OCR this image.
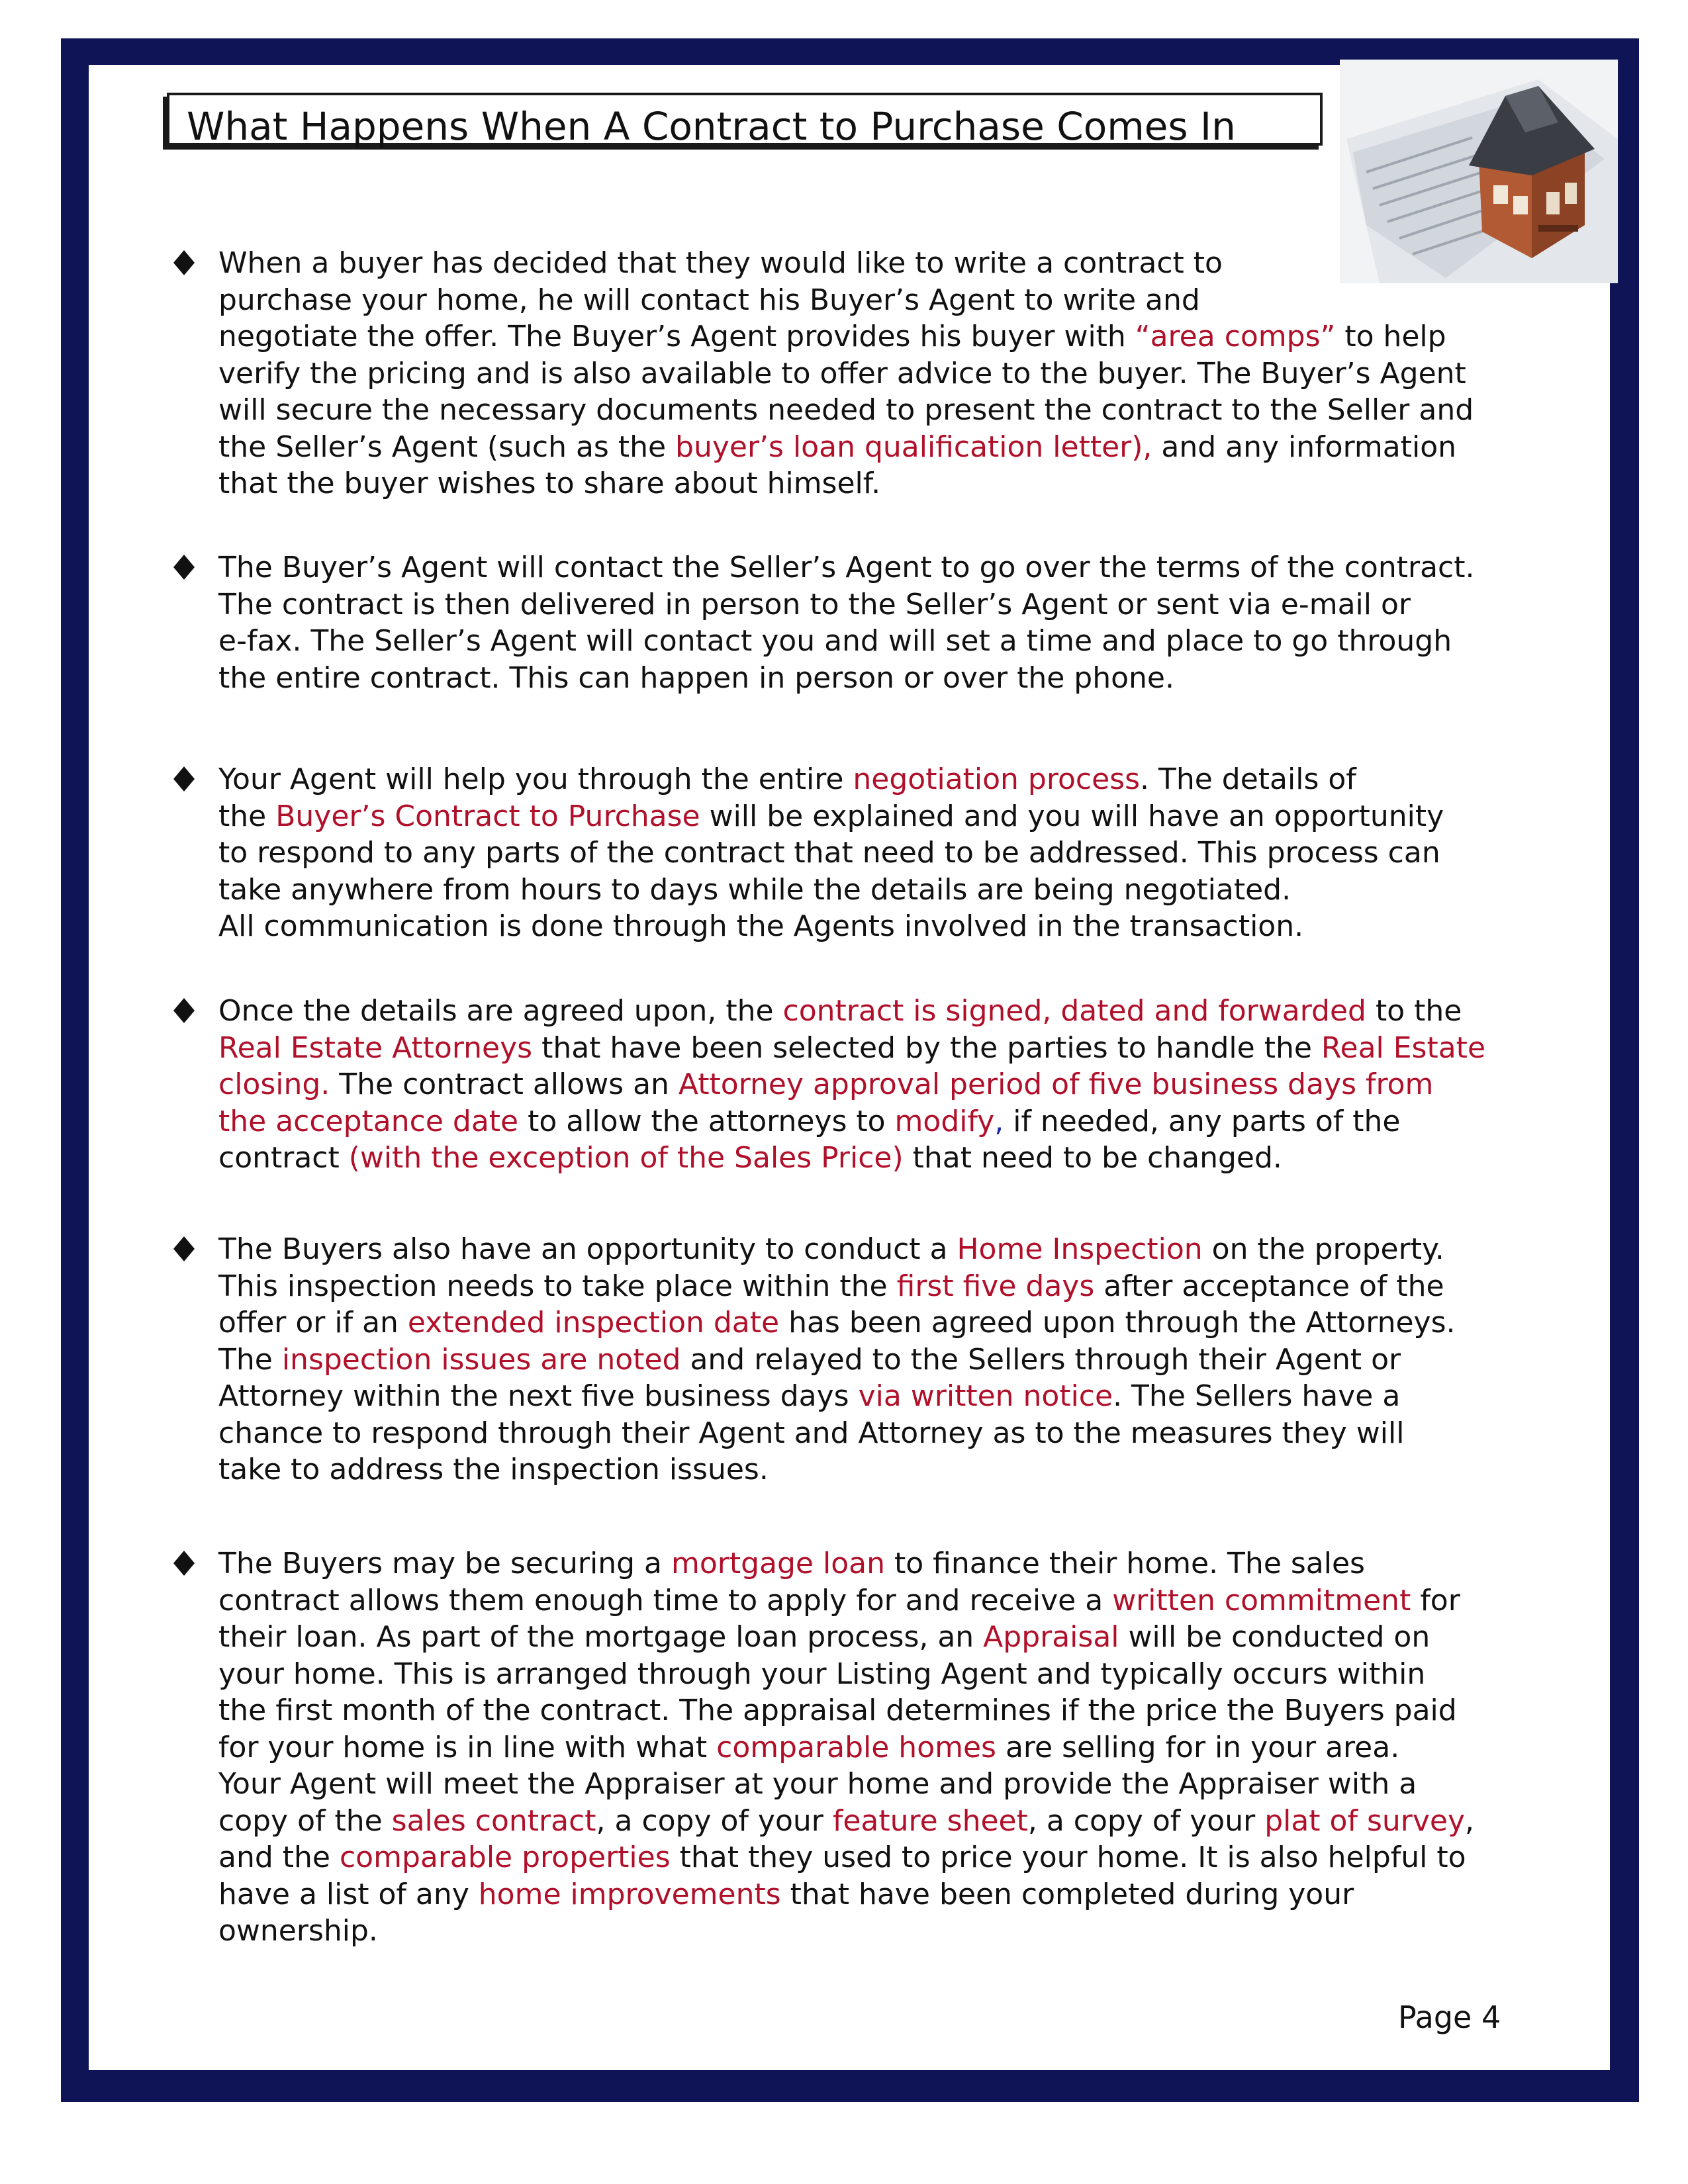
What Happens When A Contract to Purchase Comes In

When a buyer has decided that they would like to write a contract to
purchase your home, he will contact his Buyer’s Agent to write and
negotiate the offer. The Buyer’s Agent provides his buyer with “area comps” to help
verify the pricing and is also available to offer advice to the buyer. The Buyer’s Agent
will secure the necessary documents needed to present the contract to the Seller and
the Seller’s Agent (such as the buyer’s loan qualification letter), and any information
that the buyer wishes to share about himself.

The Buyer’s Agent will contact the Seller’s Agent to go over the terms of the contract.
The contract is then delivered in person to the Seller’s Agent or sent via e-mail or
e-fax. The Seller’s Agent will contact you and will set a time and place to go through
the entire contract. This can happen in person or over the phone.

Your Agent will help you through the entire negotiation process. The details of
the Buyer’s Contract to Purchase will be explained and you will have an opportunity
to respond to any parts of the contract that need to be addressed. This process can
take anywhere from hours to days while the details are being negotiated.
All communication is done through the Agents involved in the transaction.

Once the details are agreed upon, the contract is signed, dated and forwarded to the
Real Estate Attorneys that have been selected by the parties to handle the Real Estate
closing. The contract allows an Attorney approval period of five business days from
the acceptance date to allow the attorneys to modify, if needed, any parts of the
contract (with the exception of the Sales Price) that need to be changed.

The Buyers also have an opportunity to conduct a Home Inspection on the property.
This inspection needs to take place within the first five days after acceptance of the
offer or if an extended inspection date has been agreed upon through the Attorneys.
The inspection issues are noted and relayed to the Sellers through their Agent or
Attorney within the next five business days via written notice. The Sellers have a
chance to respond through their Agent and Attorney as to the measures they will
take to address the inspection issues.

The Buyers may be securing a mortgage loan to finance their home. The sales
contract allows them enough time to apply for and receive a written commitment for
their loan. As part of the mortgage loan process, an Appraisal will be conducted on
your home. This is arranged through your Listing Agent and typically occurs within
the first month of the contract. The appraisal determines if the price the Buyers paid
for your home is in line with what comparable homes are selling for in your area.
Your Agent will meet the Appraiser at your home and provide the Appraiser with a
copy of the sales contract, a copy of your feature sheet, a copy of your plat of survey,
and the comparable properties that they used to price your home. It is also helpful to
have a list of any home improvements that have been completed during your
ownership.

Page 4
